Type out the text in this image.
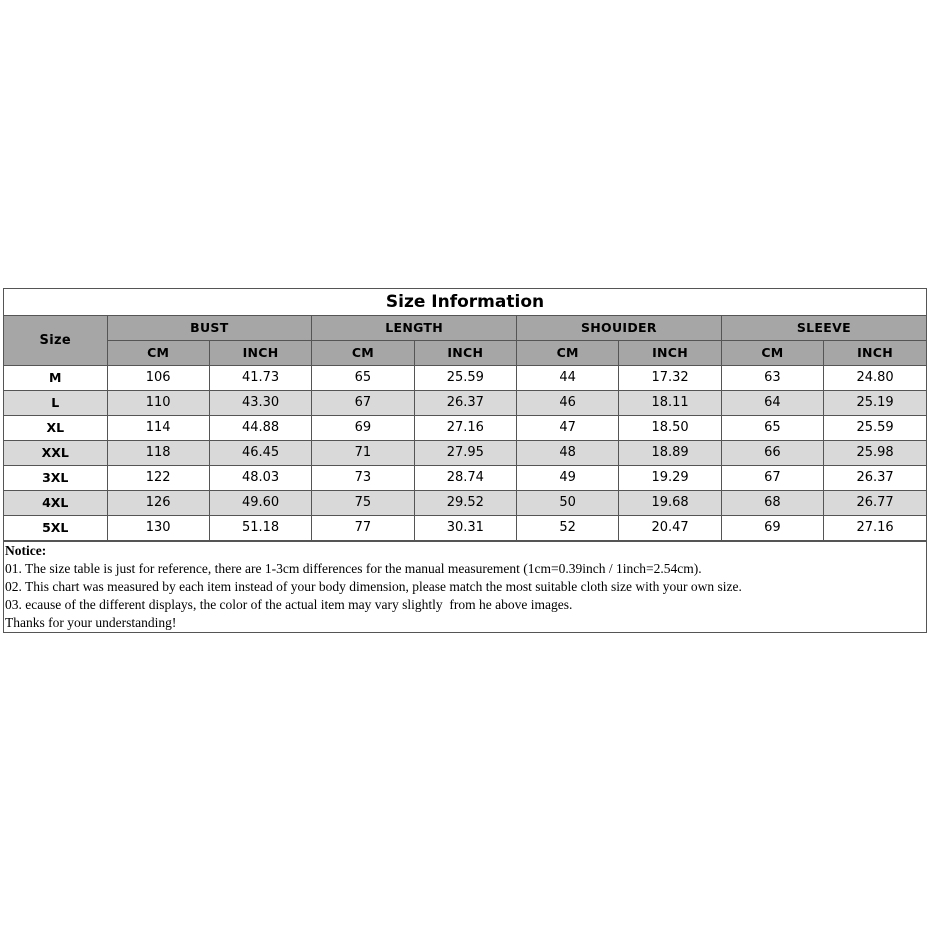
Size Information								
Size	BUST		LENGTH		SHOUIDER		SLEEVE	
	CM	INCH	CM	INCH	CM	INCH	CM	INCH
M	106	41.73	65	25.59	44	17.32	63	24.80
L	110	43.30	67	26.37	46	18.11	64	25.19
XL	114	44.88	69	27.16	47	18.50	65	25.59
XXL	118	46.45	71	27.95	48	18.89	66	25.98
3XL	122	48.03	73	28.74	49	19.29	67	26.37
4XL	126	49.60	75	29.52	50	19.68	68	26.77
5XL	130	51.18	77	30.31	52	20.47	69	27.16
Notice:
01. The size table is just for reference, there are 1-3cm differences for the manual measurement (1cm=0.39inch / 1inch=2.54cm).
02. This chart was measured by each item instead of your body dimension, please match the most suitable cloth size with your own size.
03. ecause of the different displays, the color of the actual item may vary slightly  from he above images.
Thanks for your understanding!
